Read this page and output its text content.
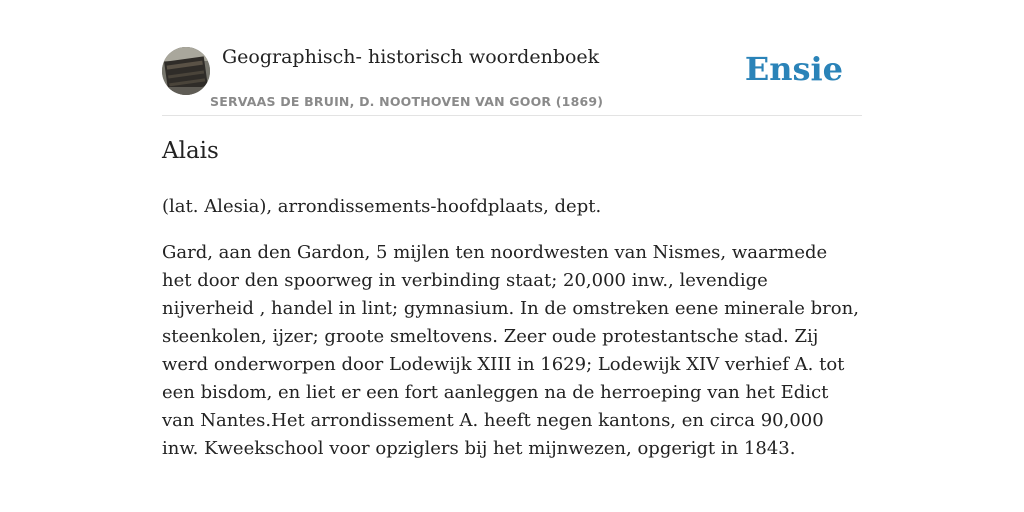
Geographisch- historisch woordenboek
SERVAAS DE BRUIN, D. NOOTHOVEN VAN GOOR (1869)
Ensie
Alais

(lat. Alesia), arrondissements-hoofdplaats, dept.

Gard, aan den Gardon, 5 mijlen ten noordwesten van Nismes, waarmede het door den spoorweg in verbinding staat; 20,000 inw., levendige nijverheid , handel in lint; gymnasium. In de omstreken eene minerale bron, steenkolen, ijzer; groote smeltovens. Zeer oude protestantsche stad. Zij werd onderworpen door Lodewijk XIII in 1629; Lodewijk XIV verhief A. tot een bisdom, en liet er een fort aanleggen na de herroeping van het Edict van Nantes.Het arrondissement A. heeft negen kantons, en circa 90,000 inw. Kweekschool voor opziglers bij het mijnwezen, opgerigt in 1843.
